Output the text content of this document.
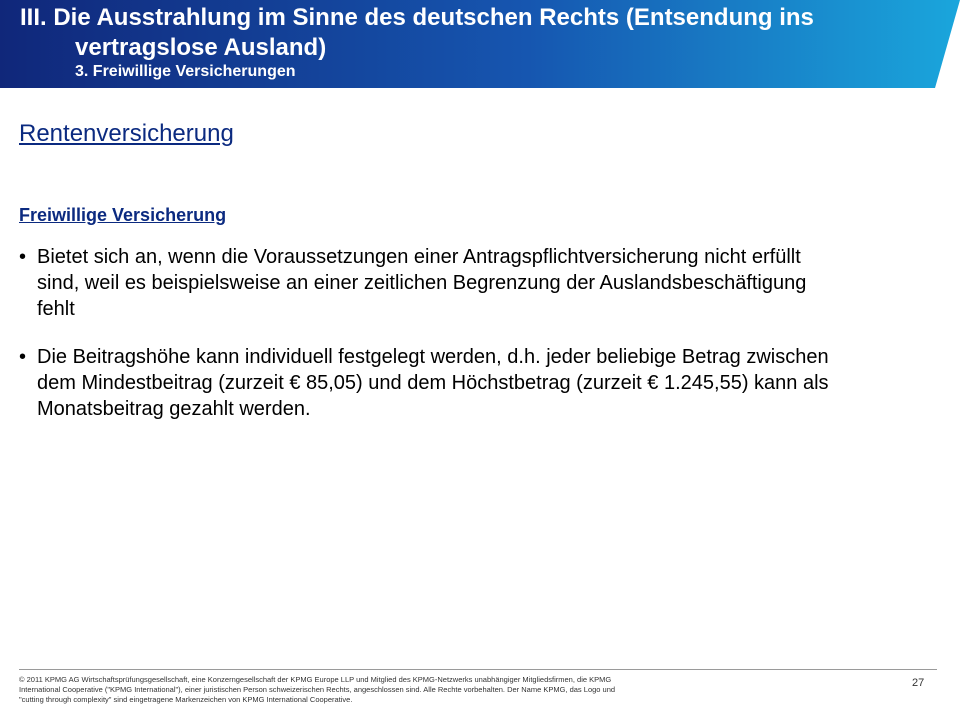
III. Die Ausstrahlung im Sinne des deutschen Rechts (Entsendung ins
vertragslose Ausland)
3. Freiwillige Versicherungen
Rentenversicherung
Freiwillige Versicherung
• Bietet sich an, wenn die Voraussetzungen einer Antragspflichtversicherung nicht erfüllt sind, weil es beispielsweise an einer zeitlichen Begrenzung der Auslandsbeschäftigung fehlt
• Die Beitragshöhe kann individuell festgelegt werden, d.h. jeder beliebige Betrag zwischen dem Mindestbeitrag (zurzeit € 85,05) und dem Höchstbetrag (zurzeit € 1.245,55) kann als Monatsbeitrag gezahlt werden.
© 2011 KPMG AG Wirtschaftsprüfungsgesellschaft, eine Konzerngesellschaft der KPMG Europe LLP und Mitglied des KPMG-Netzwerks unabhängiger Mitgliedsfirmen, die KPMG International Cooperative ("KPMG International"), einer juristischen Person schweizerischen Rechts, angeschlossen sind. Alle Rechte vorbehalten. Der Name KPMG, das Logo und "cutting through complexity" sind eingetragene Markenzeichen von KPMG International Cooperative.
27
